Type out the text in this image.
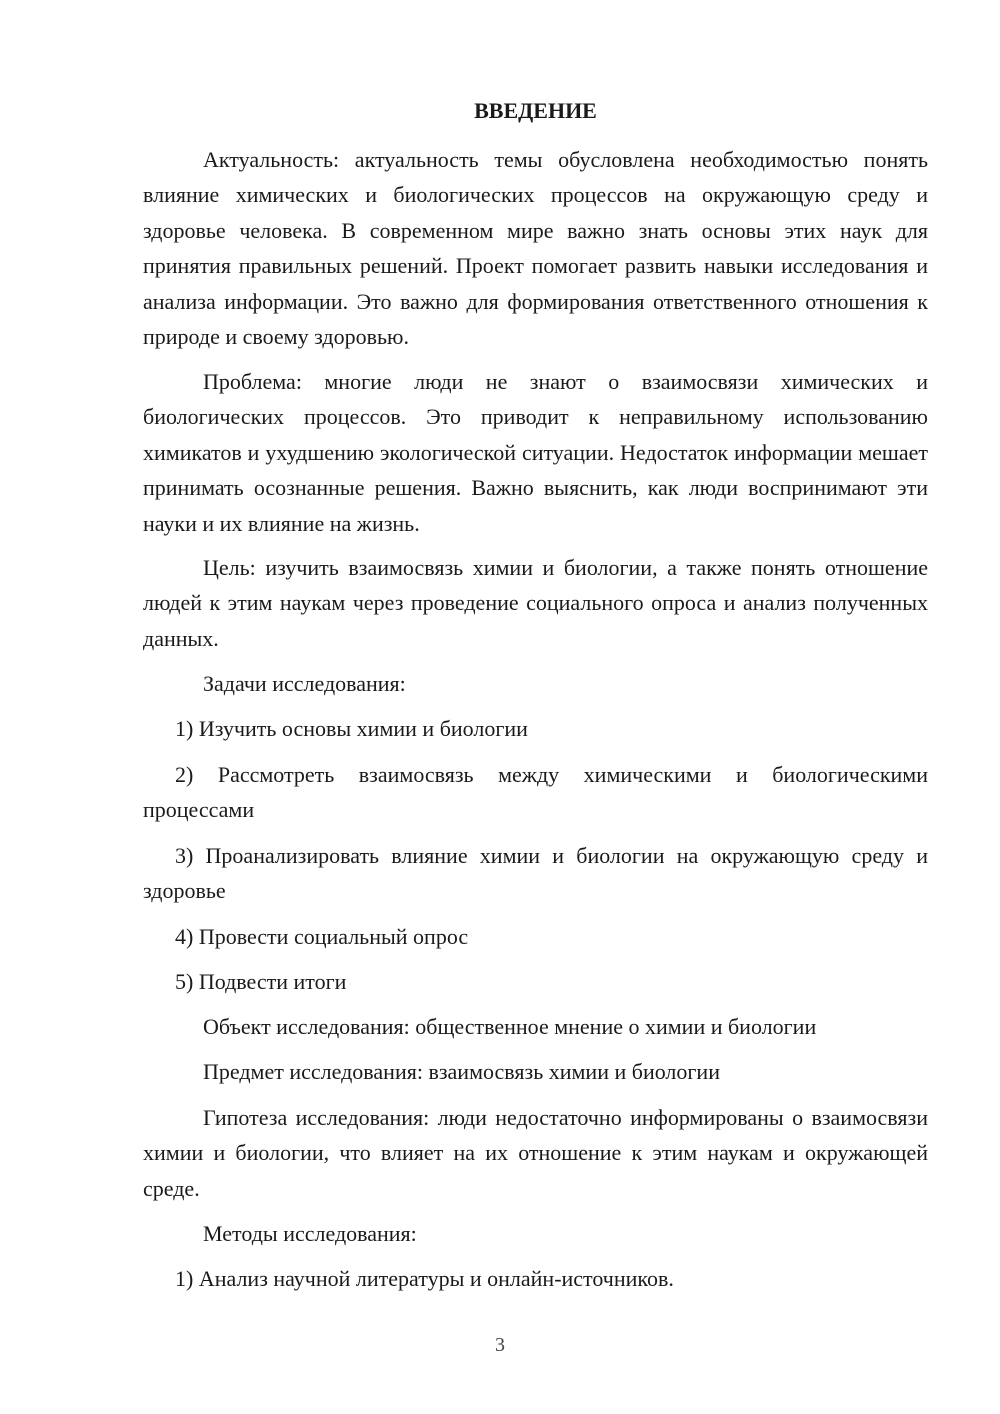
ВВЕДЕНИЕ

Актуальность: актуальность темы обусловлена необходимостью понять влияние химических и биологических процессов на окружающую среду и здоровье человека. В современном мире важно знать основы этих наук для принятия правильных решений. Проект помогает развить навыки исследования и анализа информации. Это важно для формирования ответственного отношения к природе и своему здоровью.

Проблема: многие люди не знают о взаимосвязи химических и биологических процессов. Это приводит к неправильному использованию химикатов и ухудшению экологической ситуации. Недостаток информации мешает принимать осознанные решения. Важно выяснить, как люди воспринимают эти науки и их влияние на жизнь.

Цель: изучить взаимосвязь химии и биологии, а также понять отношение людей к этим наукам через проведение социального опроса и анализ полученных данных.

Задачи исследования:

1) Изучить основы химии и биологии

2) Рассмотреть взаимосвязь между химическими и биологическими процессами

3) Проанализировать влияние химии и биологии на окружающую среду и здоровье

4) Провести социальный опрос

5) Подвести итоги

Объект исследования: общественное мнение о химии и биологии

Предмет исследования: взаимосвязь химии и биологии

Гипотеза исследования: люди недостаточно информированы о взаимосвязи химии и биологии, что влияет на их отношение к этим наукам и окружающей среде.

Методы исследования:

1) Анализ научной литературы и онлайн-источников.

3
